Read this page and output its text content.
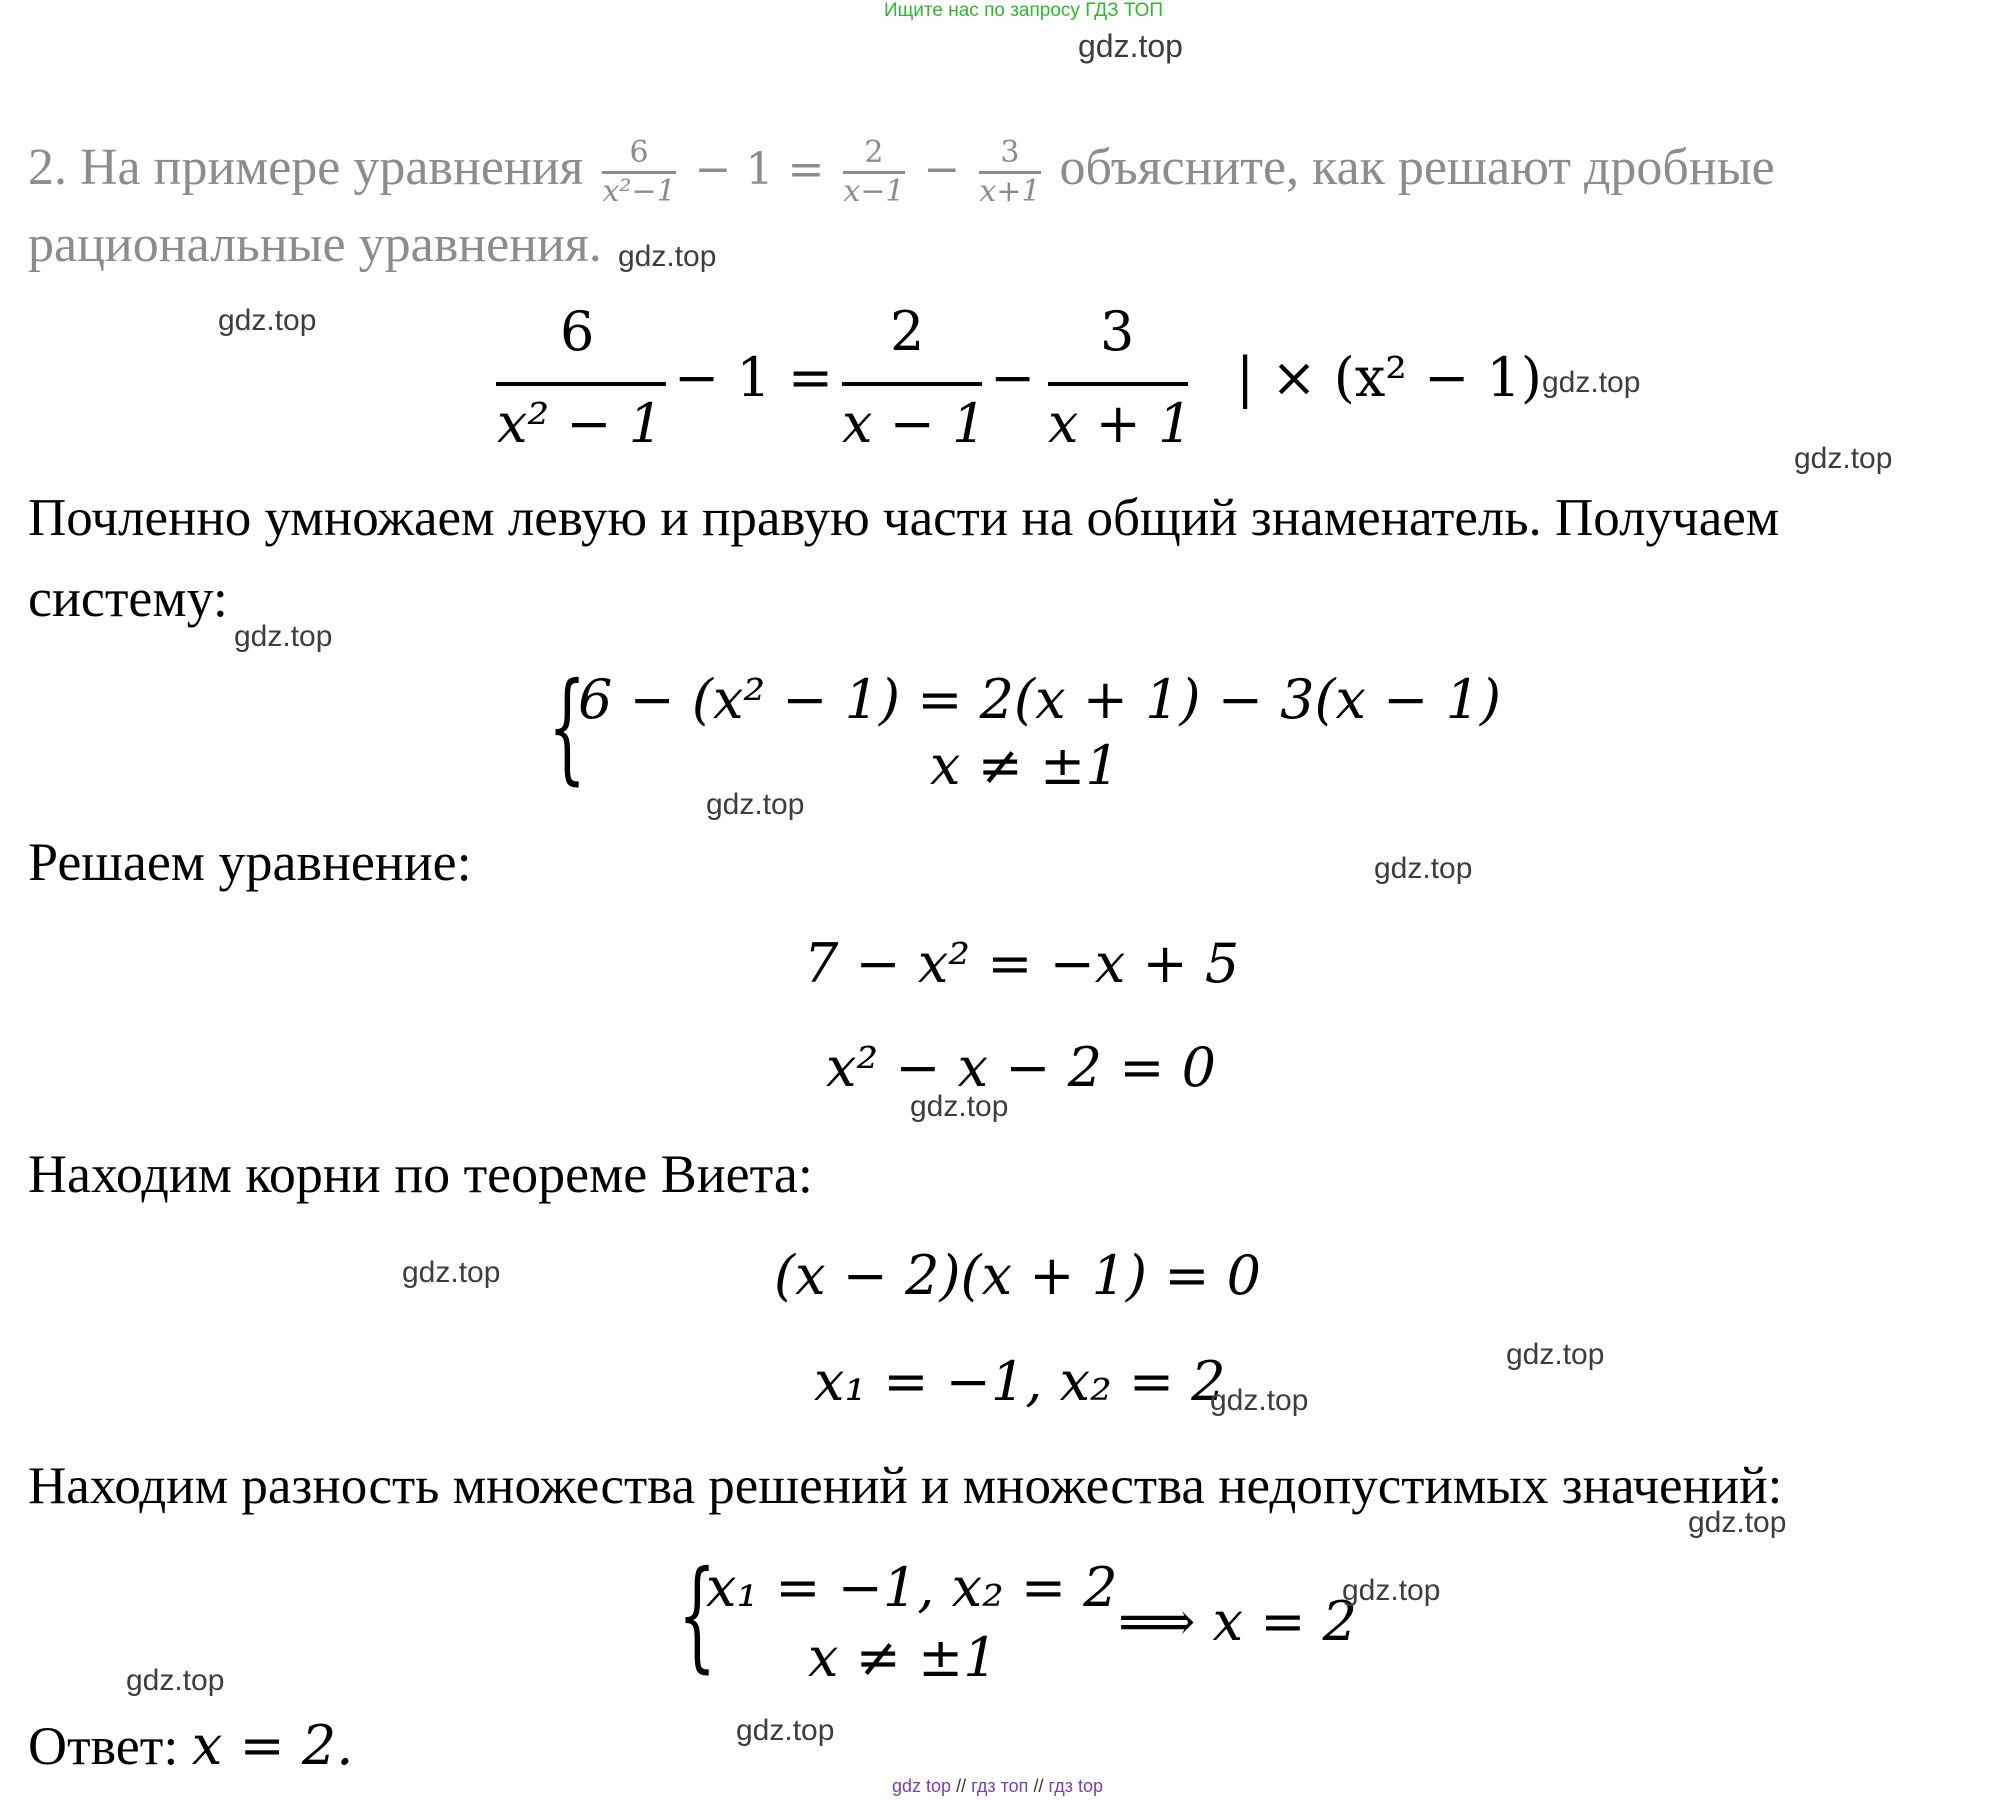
Ищите нас по запросу ГДЗ ТОП
gdz.top
2. На примере уравнения $\frac{6}{\text{x²−1}} - 1 = \frac{2}{x-1} - \frac{3}{x+1}$ объясните, как решают дробные
рациональные уравнения.
6
x² − 1
− 1 =
2
x − 1
−
3
x + 1
| × (x² − 1)
Почленно умножаем левую и правую части на общий знаменатель. Получаем
систему:
{
6 − (x² − 1) = 2(x + 1) − 3(x − 1)
x ≠ ±1
Решаем уравнение:
7 − x² = −x + 5
x² − x − 2 = 0
Находим корни по теореме Виета:
(x − 2)(x + 1) = 0
x₁ = −1, x₂ = 2
Находим разность множества решений и множества недопустимых значений:
{
x₁ = −1, x₂ = 2
x ≠ ±1
⟹ x = 2
Ответ: x = 2.
gdz.top
gdz.top
gdz.top
gdz.top
gdz.top
gdz.top
gdz.top
gdz.top
gdz.top
gdz.top
gdz.top
gdz.top
gdz.top
gdz.top
gdz.top
gdz top // гдз топ // гдз top
